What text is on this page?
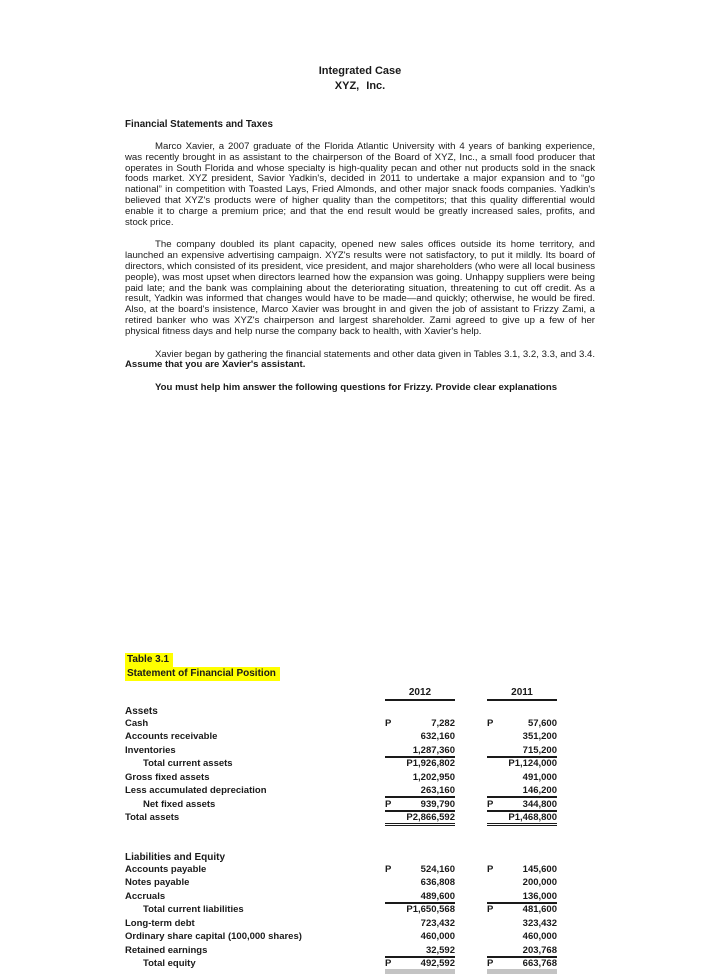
Integrated Case
XYZ, Inc.
Financial Statements and Taxes

Marco Xavier, a 2007 graduate of the Florida Atlantic University with 4 years of banking experience, was recently brought in as assistant to the chairperson of the Board of XYZ, Inc., a small food producer that operates in South Florida and whose specialty is high-quality pecan and other nut products sold in the snack foods market. XYZ president, Savior Yadkin's, decided in 2011 to undertake a major expansion and to “go national” in competition with Toasted Lays, Fried Almonds, and other major snack foods companies. Yadkin's believed that XYZ's products were of higher quality than the competitors; that this quality differential would enable it to charge a premium price; and that the end result would be greatly increased sales, profits, and stock price.

The company doubled its plant capacity, opened new sales offices outside its home territory, and launched an expensive advertising campaign. XYZ's results were not satisfactory, to put it mildly. Its board of directors, which consisted of its president, vice president, and major shareholders (who were all local business people), was most upset when directors learned how the expansion was going. Unhappy suppliers were being paid late; and the bank was complaining about the deteriorating situation, threatening to cut off credit. As a result, Yadkin was informed that changes would have to be made—and quickly; otherwise, he would be fired. Also, at the board's insistence, Marco Xavier was brought in and given the job of assistant to Frizzy Zami, a retired banker who was XYZ's chairperson and largest shareholder. Zami agreed to give up a few of her physical fitness days and help nurse the company back to health, with Xavier's help.

Xavier began by gathering the financial statements and other data given in Tables 3.1, 3.2, 3.3, and 3.4. Assume that you are Xavier's assistant.

You must help him answer the following questions for Frizzy. Provide clear explanations

Table 3.1
Statement of Financial Position
2012	2011
Assets
Cash	P	7,282	P	57,600
Accounts receivable	632,160	351,200
Inventories	1,287,360	715,200
Total current assets	P1,926,802	P1,124,000
Gross fixed assets	1,202,950	491,000
Less accumulated depreciation	263,160	146,200
Net fixed assets	P	939,790	P	344,800
Total assets	P2,866,592	P1,468,800
Liabilities and Equity
Accounts payable	P	524,160	P	145,600
Notes payable	636,808	200,000
Accruals	489,600	136,000
Total current liabilities	P1,650,568	P	481,600
Long-term debt	723,432	323,432
Ordinary share capital (100,000 shares)	460,000	460,000
Retained earnings	32,592	203,768
Total equity	P	492,592	P	663,768
